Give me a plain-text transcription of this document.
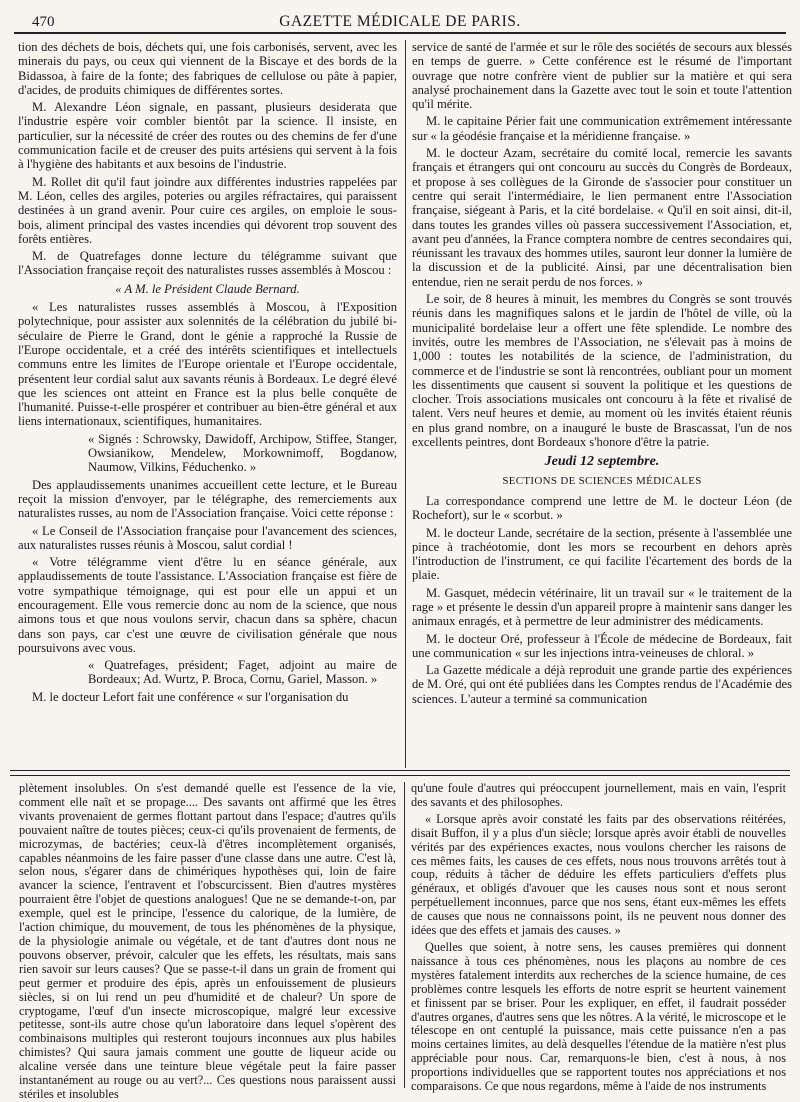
470	GAZETTE MÉDICALE DE PARIS.

tion des déchets de bois, déchets qui, une fois carbonisés, servent, avec les minerais du pays, ou ceux qui viennent de la Biscaye et des bords de la Bidassoa, à faire de la fonte; des fabriques de cellulose ou pâte à papier, d'acides, de produits chimiques de différentes sortes.

M. Alexandre Léon signale, en passant, plusieurs desiderata que l'industrie espère voir combler bientôt par la science. Il insiste, en particulier, sur la nécessité de créer des routes ou des chemins de fer d'une communication facile et de creuser des puits artésiens qui servent à la fois à l'hygiène des habitants et aux besoins de l'industrie.

M. Rollet dit qu'il faut joindre aux différentes industries rappelées par M. Léon, celles des argiles, poteries ou argiles réfractaires, qui paraissent destinées à un grand avenir. Pour cuire ces argiles, on emploie le sous-bois, aliment principal des vastes incendies qui dévorent trop souvent des forêts entières.

M. de Quatrefages donne lecture du télégramme suivant que l'Association française reçoit des naturalistes russes assemblés à Moscou :

« A M. le Président Claude Bernard.

« Les naturalistes russes assemblés à Moscou, à l'Exposition polytechnique, pour assister aux solennités de la célébration du jubilé bi-séculaire de Pierre le Grand, dont le génie a rapproché la Russie de l'Europe occidentale, et a créé des intérêts scientifiques et intellectuels communs entre les limites de l'Europe orientale et l'Europe occidentale, présentent leur cordial salut aux savants réunis à Bordeaux. Le degré élevé que les sciences ont atteint en France est la plus belle conquête de l'humanité. Puisse-t-elle prospérer et contribuer au bien-être général et aux liens internationaux, scientifiques, humanitaires.

« Signés : Schrowsky, Dawidoff, Archipow, Stiffee, Stanger, Owsianikow, Mendelew, Morkownimoff, Bogdanow, Naumow, Vilkins, Féduchenko. »

Des applaudissements unanimes accueillent cette lecture, et le Bureau reçoit la mission d'envoyer, par le télégraphe, des remerciements aux naturalistes russes, au nom de l'Association française. Voici cette réponse :

« Le Conseil de l'Association française pour l'avancement des sciences, aux naturalistes russes réunis à Moscou, salut cordial !

« Votre télégramme vient d'être lu en séance générale, aux applaudissements de toute l'assistance. L'Association française est fière de votre sympathique témoignage, qui est pour elle un appui et un encouragement. Elle vous remercie donc au nom de la science, que nous aimons tous et que nous voulons servir, chacun dans sa sphère, chacun dans son pays, car c'est une œuvre de civilisation générale que nous poursuivons avec vous.

« Quatrefages, président; Faget, adjoint au maire de Bordeaux; Ad. Wurtz, P. Broca, Cornu, Gariel, Masson. »

M. le docteur Lefort fait une conférence « sur l'organisation du

service de santé de l'armée et sur le rôle des sociétés de secours aux blessés en temps de guerre. » Cette conférence est le résumé de l'important ouvrage que notre confrère vient de publier sur la matière et qui sera analysé prochainement dans la Gazette avec tout le soin et toute l'attention qu'il mérite.

M. le capitaine Périer fait une communication extrêmement intéressante sur « la géodésie française et la méridienne française. »

M. le docteur Azam, secrétaire du comité local, remercie les savants français et étrangers qui ont concouru au succès du Congrès de Bordeaux, et propose à ses collègues de la Gironde de s'associer pour constituer un centre qui serait l'intermédiaire, le lien permanent entre l'Association française, siégeant à Paris, et la cité bordelaise. « Qu'il en soit ainsi, dit-il, dans toutes les grandes villes où passera successivement l'Association, et, avant peu d'années, la France comptera nombre de centres secondaires qui, réunissant les travaux des hommes utiles, sauront leur donner la lumière de la discussion et de la publicité. Ainsi, par une décentralisation bien entendue, rien ne serait perdu de nos forces. »

Le soir, de 8 heures à minuit, les membres du Congrès se sont trouvés réunis dans les magnifiques salons et le jardin de l'hôtel de ville, où la municipalité bordelaise leur a offert une fête splendide. Le nombre des invités, outre les membres de l'Association, ne s'élevait pas à moins de 1,000 : toutes les notabilités de la science, de l'administration, du commerce et de l'industrie se sont là rencontrées, oubliant pour un moment les dissentiments que causent si souvent la politique et les questions de clocher. Trois associations musicales ont concouru à la fête et rivalisé de talent. Vers neuf heures et demie, au moment où les invités étaient réunis en plus grand nombre, on a inauguré le buste de Brascassat, l'un de nos excellents peintres, dont Bordeaux s'honore d'être la patrie.

Jeudi 12 septembre.

SECTIONS DE SCIENCES MÉDICALES

La correspondance comprend une lettre de M. le docteur Léon (de Rochefort), sur le « scorbut. »

M. le docteur Lande, secrétaire de la section, présente à l'assemblée une pince à trachéotomie, dont les mors se recourbent en dehors après l'introduction de l'instrument, ce qui facilite l'écartement des bords de la plaie.

M. Gasquet, médecin vétérinaire, lit un travail sur « le traitement de la rage » et présente le dessin d'un appareil propre à maintenir sans danger les animaux enragés, et à permettre de leur administrer des médicaments.

M. le docteur Oré, professeur à l'École de médecine de Bordeaux, fait une communication « sur les injections intra-veineuses de chloral. »

La Gazette médicale a déjà reproduit une grande partie des expériences de M. Oré, qui ont été publiées dans les Comptes rendus de l'Académie des sciences. L'auteur a terminé sa communication

plètement insolubles. On s'est demandé quelle est l'essence de la vie, comment elle naît et se propage.... Des savants ont affirmé que les êtres vivants provenaient de germes flottant partout dans l'espace; d'autres qu'ils pouvaient naître de toutes pièces; ceux-ci qu'ils provenaient de ferments, de microzymas, de bactéries; ceux-là d'êtres incomplètement organisés, capables néanmoins de les faire passer d'une classe dans une autre. C'est là, selon nous, s'égarer dans de chimériques hypothèses qui, loin de faire avancer la science, l'entravent et l'obscurcissent. Bien d'autres mystères pourraient être l'objet de questions analogues! Que ne se demande-t-on, par exemple, quel est le principe, l'essence du calorique, de la lumière, de l'action chimique, du mouvement, de tous les phénomènes de la physique, de la physiologie animale ou végétale, et de tant d'autres dont nous ne pouvons observer, prévoir, calculer que les effets, les résultats, mais sans rien savoir sur leurs causes? Que se passe-t-il dans un grain de froment qui peut germer et produire des épis, après un enfouissement de plusieurs siècles, si on lui rend un peu d'humidité et de chaleur? Un spore de cryptogame, l'œuf d'un insecte microscopique, malgré leur excessive petitesse, sont-ils autre chose qu'un laboratoire dans lequel s'opèrent des combinaisons multiples qui resteront toujours inconnues aux plus habiles chimistes? Qui saura jamais comment une goutte de liqueur acide ou alcaline versée dans une teinture bleue végétale peut la faire passer instantanément au rouge ou au vert?... Ces questions nous paraissent aussi stériles et insolubles

qu'une foule d'autres qui préoccupent journellement, mais en vain, l'esprit des savants et des philosophes.

« Lorsque après avoir constaté les faits par des observations réitérées, disait Buffon, il y a plus d'un siècle; lorsque après avoir établi de nouvelles vérités par des expériences exactes, nous voulons chercher les raisons de ces mêmes faits, les causes de ces effets, nous nous trouvons arrêtés tout à coup, réduits à tâcher de déduire les effets particuliers d'effets plus généraux, et obligés d'avouer que les causes nous sont et nous seront perpétuellement inconnues, parce que nos sens, étant eux-mêmes les effets de causes que nous ne connaissons point, ils ne peuvent nous donner des idées que des effets et jamais des causes. »

Quelles que soient, à notre sens, les causes premières qui donnent naissance à tous ces phénomènes, nous les plaçons au nombre de ces mystères fatalement interdits aux recherches de la science humaine, de ces problèmes contre lesquels les efforts de notre esprit se heurtent vainement et finissent par se briser. Pour les expliquer, en effet, il faudrait posséder d'autres organes, d'autres sens que les nôtres. A la vérité, le microscope et le télescope en ont centuplé la puissance, mais cette puissance n'en a pas moins certaines limites, au delà desquelles l'étendue de la matière n'est plus appréciable pour nous. Car, remarquons-le bien, c'est à nous, à nos proportions individuelles que se rapportent toutes nos appréciations et nos comparaisons. Ce que nous regardons, même à l'aide de nos instruments
